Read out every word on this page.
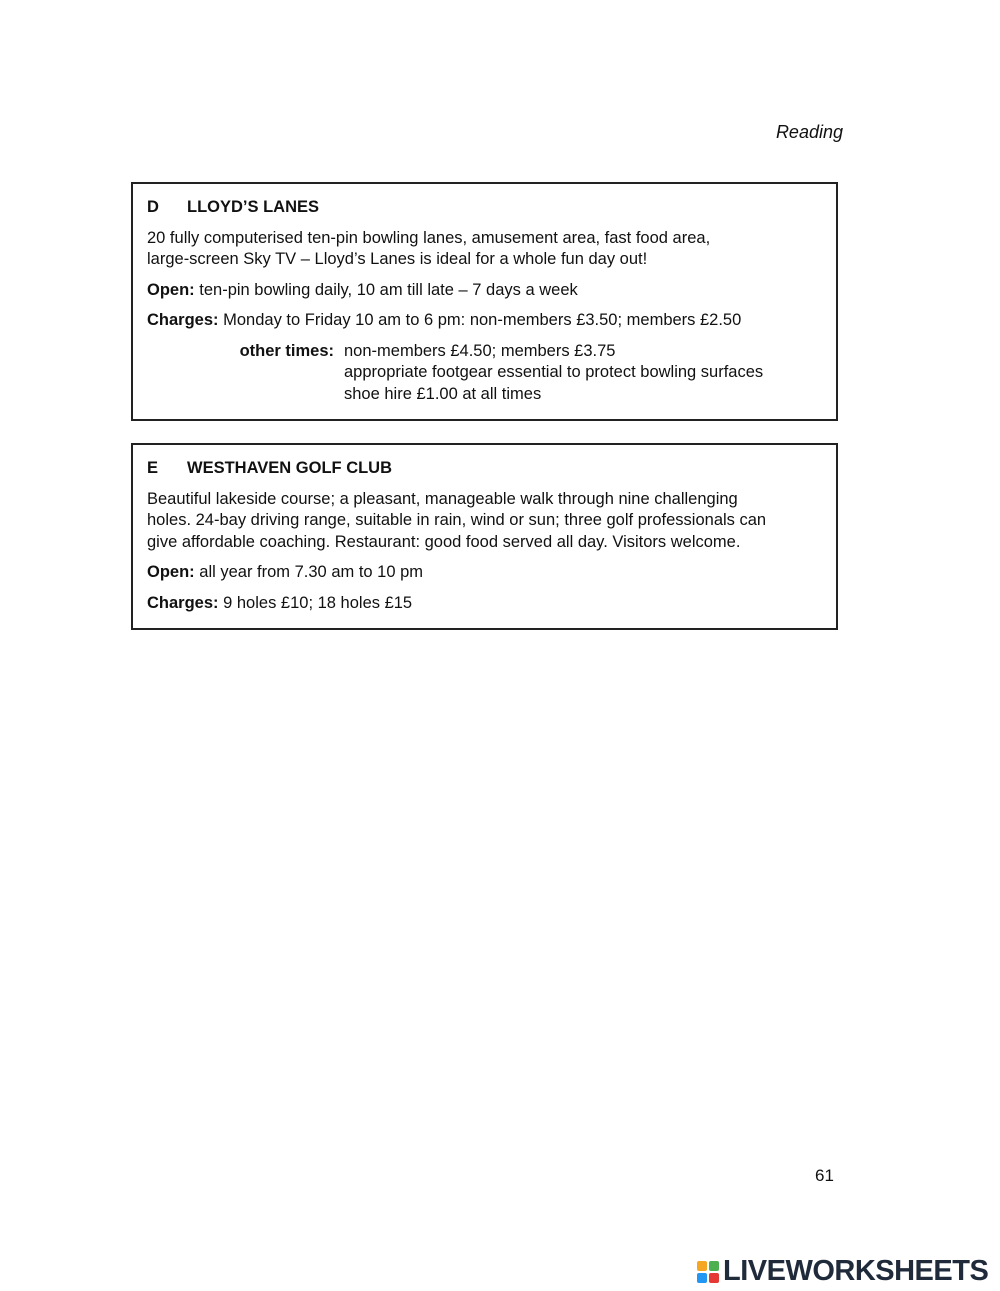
Reading
D LLOYD’S LANES

20 fully computerised ten-pin bowling lanes, amusement area, fast food area,
large-screen Sky TV – Lloyd’s Lanes is ideal for a whole fun day out!

Open: ten-pin bowling daily, 10 am till late – 7 days a week

Charges: Monday to Friday 10 am to 6 pm: non-members £3.50; members £2.50

other times: non-members £4.50; members £3.75
appropriate footgear essential to protect bowling surfaces
shoe hire £1.00 at all times
E WESTHAVEN GOLF CLUB

Beautiful lakeside course; a pleasant, manageable walk through nine challenging
holes. 24-bay driving range, suitable in rain, wind or sun; three golf professionals can
give affordable coaching. Restaurant: good food served all day. Visitors welcome.

Open: all year from 7.30 am to 10 pm

Charges: 9 holes £10; 18 holes £15

61
LIVEWORKSHEETS
